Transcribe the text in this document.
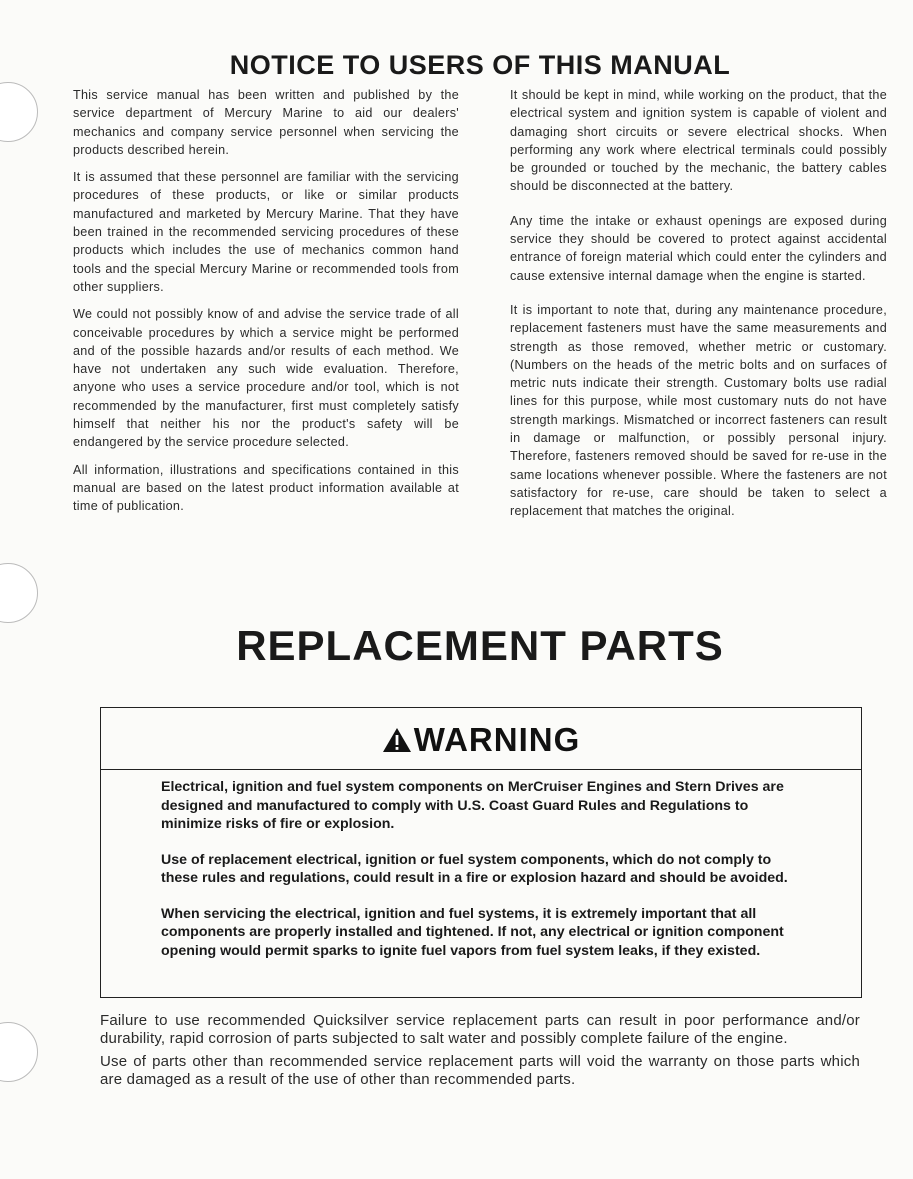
NOTICE TO USERS OF THIS MANUAL

This service manual has been written and published by the service department of Mercury Marine to aid our dealers' mechanics and company service personnel when servicing the products described herein.

It is assumed that these personnel are familiar with the servicing procedures of these products, or like or similar products manufactured and marketed by Mercury Marine. That they have been trained in the recommended servicing procedures of these products which includes the use of mechanics common hand tools and the special Mercury Marine or recommended tools from other suppliers.

We could not possibly know of and advise the service trade of all conceivable procedures by which a service might be performed and of the possible hazards and/or results of each method. We have not undertaken any such wide evaluation. Therefore, anyone who uses a service procedure and/or tool, which is not recommended by the manufacturer, first must completely satisfy himself that neither his nor the product's safety will be endangered by the service procedure selected.

All information, illustrations and specifications contained in this manual are based on the latest product information available at time of publication.

It should be kept in mind, while working on the product, that the electrical system and ignition system is capable of violent and damaging short circuits or severe electrical shocks. When performing any work where electrical terminals could possibly be grounded or touched by the mechanic, the battery cables should be disconnected at the battery.

Any time the intake or exhaust openings are exposed during service they should be covered to protect against accidental entrance of foreign material which could enter the cylinders and cause extensive internal damage when the engine is started.

It is important to note that, during any maintenance procedure, replacement fasteners must have the same measurements and strength as those removed, whether metric or customary. (Numbers on the heads of the metric bolts and on surfaces of metric nuts indicate their strength. Customary bolts use radial lines for this purpose, while most customary nuts do not have strength markings. Mismatched or incorrect fasteners can result in damage or malfunction, or possibly personal injury. Therefore, fasteners removed should be saved for re-use in the same locations whenever possible. Where the fasteners are not satisfactory for re-use, care should be taken to select a replacement that matches the original.

REPLACEMENT PARTS
WARNING

Electrical, ignition and fuel system components on MerCruiser Engines and Stern Drives are designed and manufactured to comply with U.S. Coast Guard Rules and Regulations to minimize risks of fire or explosion.

Use of replacement electrical, ignition or fuel system components, which do not comply to these rules and regulations, could result in a fire or explosion hazard and should be avoided.

When servicing the electrical, ignition and fuel systems, it is extremely important that all components are properly installed and tightened. If not, any electrical or ignition component opening would permit sparks to ignite fuel vapors from fuel system leaks, if they existed.

Failure to use recommended Quicksilver service replacement parts can result in poor performance and/or durability, rapid corrosion of parts subjected to salt water and possibly complete failure of the engine.

Use of parts other than recommended service replacement parts will void the warranty on those parts which are damaged as a result of the use of other than recommended parts.
